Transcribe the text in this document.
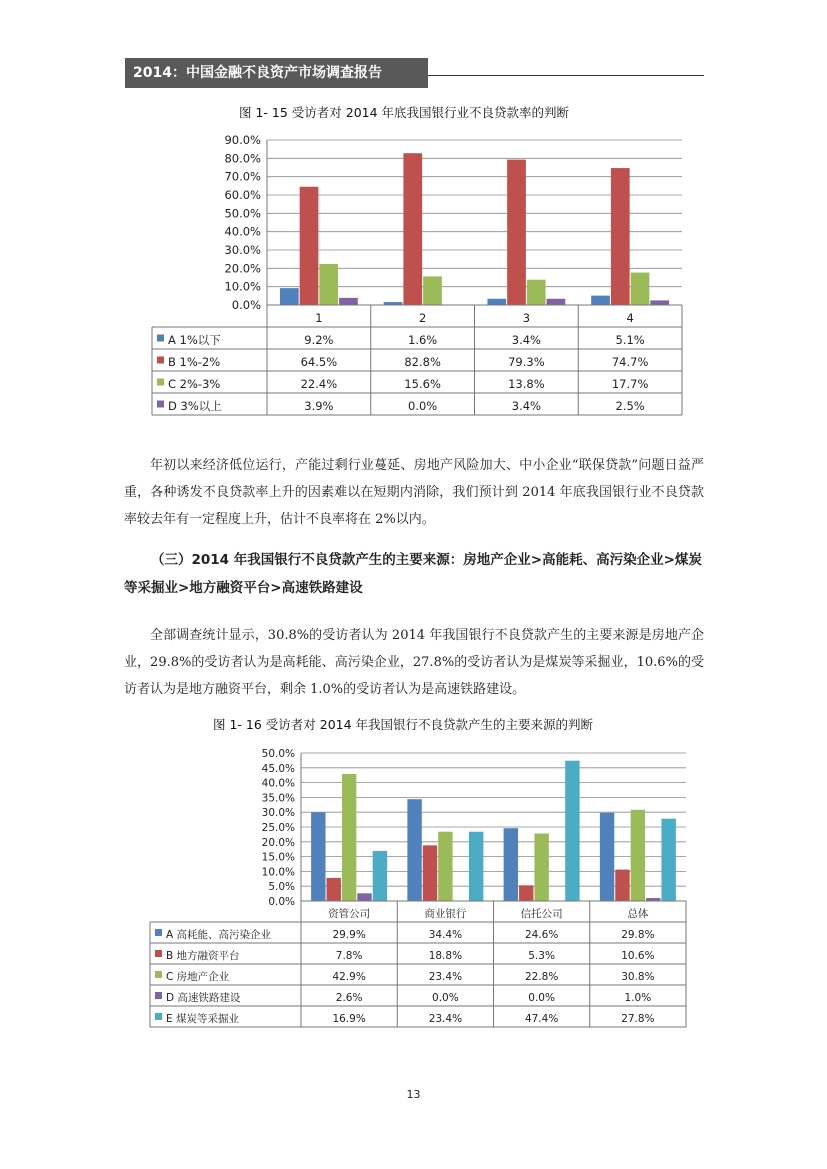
2014：中国金融不良资产市场调查报告
图 1- 15 受访者对 2014 年底我国银行业不良贷款率的判断
0.0%
10.0%
20.0%
30.0%
40.0%
50.0%
60.0%
70.0%
80.0%
90.0%
1	2	3	4
A 1%以下	9.2%	1.6%	3.4%	5.1%
B 1%-2%	64.5%	82.8%	79.3%	74.7%
C 2%-3%	22.4%	15.6%	13.8%	17.7%
D 3%以上	3.9%	0.0%	3.4%	2.5%

年初以来经济低位运行，产能过剩行业蔓延、房地产风险加大、中小企业“联保贷款”问题日益严重，各种诱发不良贷款率上升的因素难以在短期内消除，我们预计到 2014 年底我国银行业不良贷款率较去年有一定程度上升，估计不良率将在 2%以内。

（三）2014 年我国银行不良贷款产生的主要来源：房地产企业>高能耗、高污染企业>煤炭等采掘业>地方融资平台>高速铁路建设

全部调查统计显示，30.8%的受访者认为 2014 年我国银行不良贷款产生的主要来源是房地产企业，29.8%的受访者认为是高耗能、高污染企业，27.8%的受访者认为是煤炭等采掘业，10.6%的受访者认为是地方融资平台，剩余 1.0%的受访者认为是高速铁路建设。

图 1- 16 受访者对 2014 年我国银行不良贷款产生的主要来源的判断
0.0%
5.0%
10.0%
15.0%
20.0%
25.0%
30.0%
35.0%
40.0%
45.0%
50.0%
资管公司	商业银行	信托公司	总体
A 高耗能、高污染企业	29.9%	34.4%	24.6%	29.8%
B 地方融资平台	7.8%	18.8%	5.3%	10.6%
C 房地产企业	42.9%	23.4%	22.8%	30.8%
D 高速铁路建设	2.6%	0.0%	0.0%	1.0%
E 煤炭等采掘业	16.9%	23.4%	47.4%	27.8%
13
